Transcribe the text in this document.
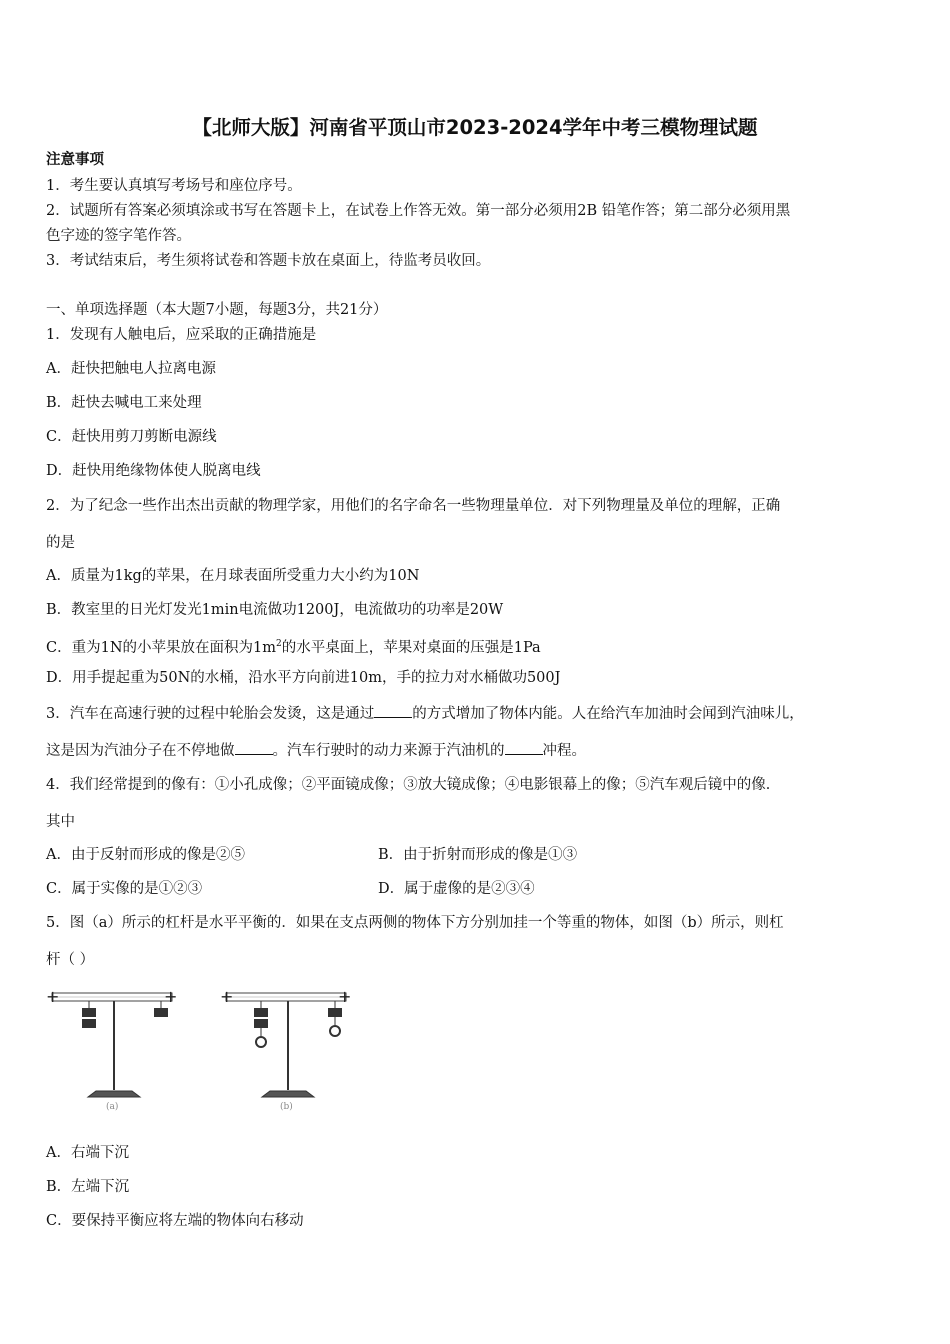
【北师大版】河南省平顶山市2023-2024学年中考三模物理试题
注意事项
1．考生要认真填写考场号和座位序号。
2．试题所有答案必须填涂或书写在答题卡上，在试卷上作答无效。第一部分必须用2B 铅笔作答；第二部分必须用黑
色字迹的签字笔作答。
3．考试结束后，考生须将试卷和答题卡放在桌面上，待监考员收回。
一、单项选择题（本大题7小题，每题3分，共21分）
1．发现有人触电后，应采取的正确措施是
A．赶快把触电人拉离电源
B．赶快去喊电工来处理
C．赶快用剪刀剪断电源线
D．赶快用绝缘物体使人脱离电线
2．为了纪念一些作出杰出贡献的物理学家，用他们的名字命名一些物理量单位．对下列物理量及单位的理解，正确
的是
A．质量为1kg的苹果，在月球表面所受重力大小约为10N
B．教室里的日光灯发光1min电流做功1200J，电流做功的功率是20W
C．重为1N的小苹果放在面积为$1m^2$的水平桌面上，苹果对桌面的压强是1Pa
D．用手提起重为50N的水桶，沿水平方向前进10m，手的拉力对水桶做功500J
3．汽车在高速行驶的过程中轮胎会发烫，这是通过	的方式增加了物体内能。人在给汽车加油时会闻到汽油味儿，
这是因为汽油分子在不停地做	。汽车行驶时的动力来源于汽油机的	冲程。
4．我们经常提到的像有：①小孔成像；②平面镜成像；③放大镜成像；④电影银幕上的像；⑤汽车观后镜中的像．
其中
A．由于反射而形成的像是②⑤	B．由于折射而形成的像是①③
C．属于实像的是①②③	D．属于虚像的是②③④
5．图（a）所示的杠杆是水平平衡的．如果在支点两侧的物体下方分别加挂一个等重的物体，如图（b）所示，则杠
杆（ ）
+	+
(a)
+	+
(b)
A．右端下沉
B．左端下沉
C．要保持平衡应将左端的物体向右移动
